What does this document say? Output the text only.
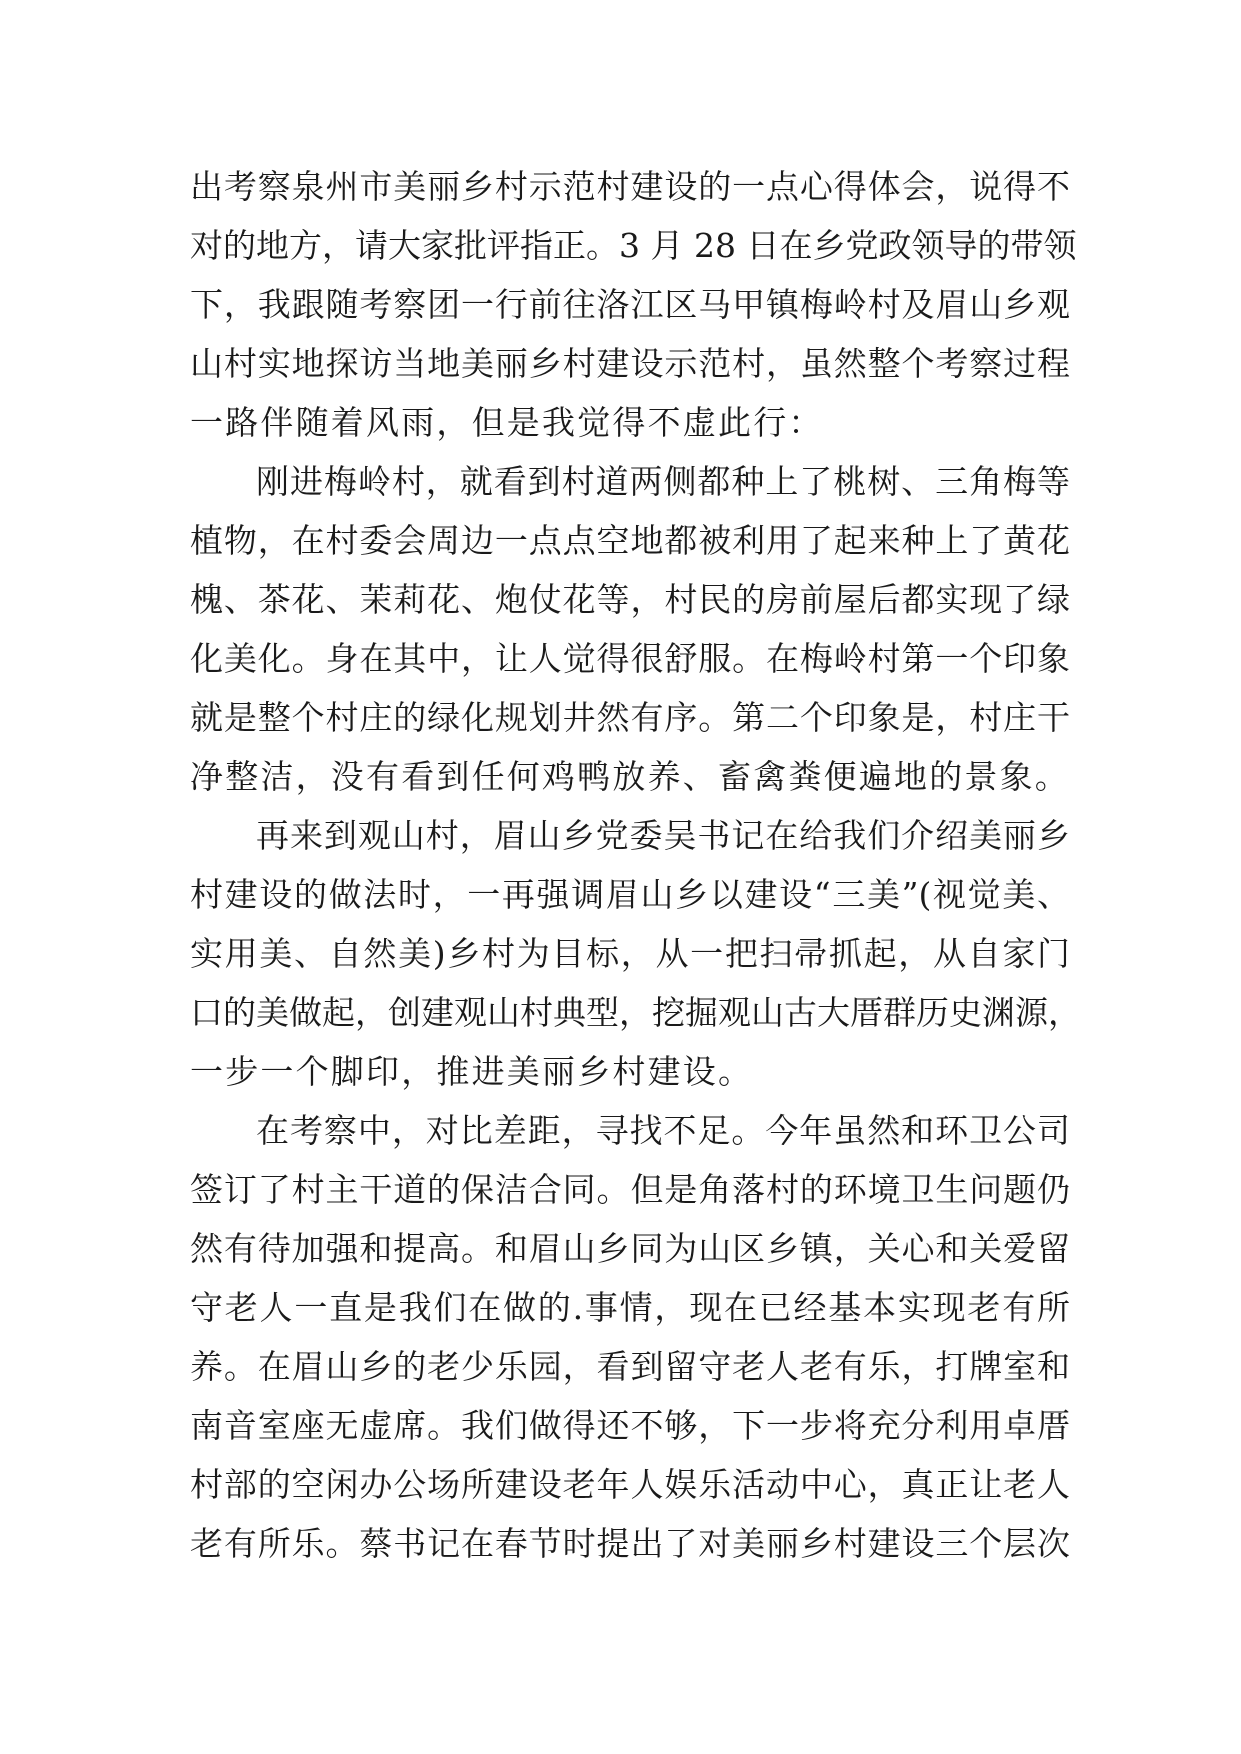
出考察泉州市美丽乡村示范村建设的一点心得体会，说得不
对的地方，请大家批评指正。3 月 28 日在乡党政领导的带领
下，我跟随考察团一行前往洛江区马甲镇梅岭村及眉山乡观
山村实地探访当地美丽乡村建设示范村，虽然整个考察过程
一路伴随着风雨，但是我觉得不虚此行：
刚进梅岭村，就看到村道两侧都种上了桃树、三角梅等
植物，在村委会周边一点点空地都被利用了起来种上了黄花
槐、茶花、茉莉花、炮仗花等，村民的房前屋后都实现了绿
化美化。身在其中，让人觉得很舒服。在梅岭村第一个印象
就是整个村庄的绿化规划井然有序。第二个印象是，村庄干
净整洁，没有看到任何鸡鸭放养、畜禽粪便遍地的景象。
再来到观山村，眉山乡党委吴书记在给我们介绍美丽乡
村建设的做法时，一再强调眉山乡以建设“三美”(视觉美、
实用美、自然美)乡村为目标，从一把扫帚抓起，从自家门
口的美做起，创建观山村典型，挖掘观山古大厝群历史渊源，
一步一个脚印，推进美丽乡村建设。
在考察中，对比差距，寻找不足。今年虽然和环卫公司
签订了村主干道的保洁合同。但是角落村的环境卫生问题仍
然有待加强和提高。和眉山乡同为山区乡镇，关心和关爱留
守老人一直是我们在做的.事情，现在已经基本实现老有所
养。在眉山乡的老少乐园，看到留守老人老有乐，打牌室和
南音室座无虚席。我们做得还不够，下一步将充分利用卓厝
村部的空闲办公场所建设老年人娱乐活动中心，真正让老人
老有所乐。蔡书记在春节时提出了对美丽乡村建设三个层次
